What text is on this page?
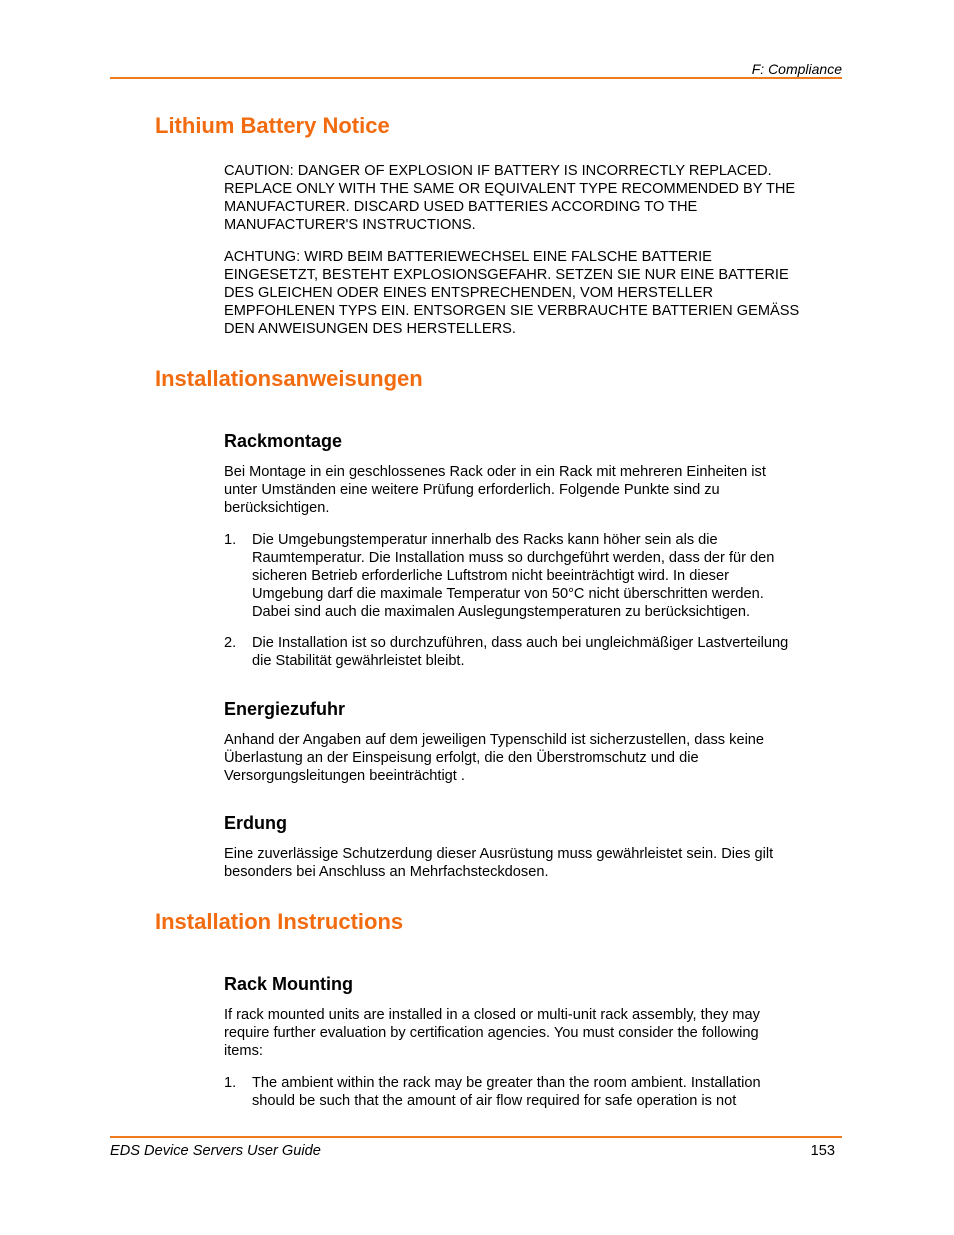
F: Compliance
Lithium Battery Notice
CAUTION: DANGER OF EXPLOSION IF BATTERY IS INCORRECTLY REPLACED.
REPLACE ONLY WITH THE SAME OR EQUIVALENT TYPE RECOMMENDED BY THE
MANUFACTURER. DISCARD USED BATTERIES ACCORDING TO THE
MANUFACTURER'S INSTRUCTIONS.
ACHTUNG: WIRD BEIM BATTERIEWECHSEL EINE FALSCHE BATTERIE
EINGESETZT, BESTEHT EXPLOSIONSGEFAHR. SETZEN SIE NUR EINE BATTERIE
DES GLEICHEN ODER EINES ENTSPRECHENDEN, VOM HERSTELLER
EMPFOHLENEN TYPS EIN. ENTSORGEN SIE VERBRAUCHTE BATTERIEN GEMÄSS
DEN ANWEISUNGEN DES HERSTELLERS.
Installationsanweisungen
Rackmontage
Bei Montage in ein geschlossenes Rack oder in ein Rack mit mehreren Einheiten ist
unter Umständen eine weitere Prüfung erforderlich. Folgende Punkte sind zu
berücksichtigen.
1. Die Umgebungstemperatur innerhalb des Racks kann höher sein als die
Raumtemperatur. Die Installation muss so durchgeführt werden, dass der für den
sicheren Betrieb erforderliche Luftstrom nicht beeinträchtigt wird. In dieser
Umgebung darf die maximale Temperatur von 50°C nicht überschritten werden.
Dabei sind auch die maximalen Auslegungstemperaturen zu berücksichtigen.
2. Die Installation ist so durchzuführen, dass auch bei ungleichmäßiger Lastverteilung
die Stabilität gewährleistet bleibt.
Energiezufuhr
Anhand der Angaben auf dem jeweiligen Typenschild ist sicherzustellen, dass keine
Überlastung an der Einspeisung erfolgt, die den Überstromschutz und die
Versorgungsleitungen beeinträchtigt .
Erdung
Eine zuverlässige Schutzerdung dieser Ausrüstung muss gewährleistet sein. Dies gilt
besonders bei Anschluss an Mehrfachsteckdosen.
Installation Instructions
Rack Mounting
If rack mounted units are installed in a closed or multi-unit rack assembly, they may
require further evaluation by certification agencies. You must consider the following
items:
1. The ambient within the rack may be greater than the room ambient. Installation
should be such that the amount of air flow required for safe operation is not
EDS Device Servers User Guide	153
